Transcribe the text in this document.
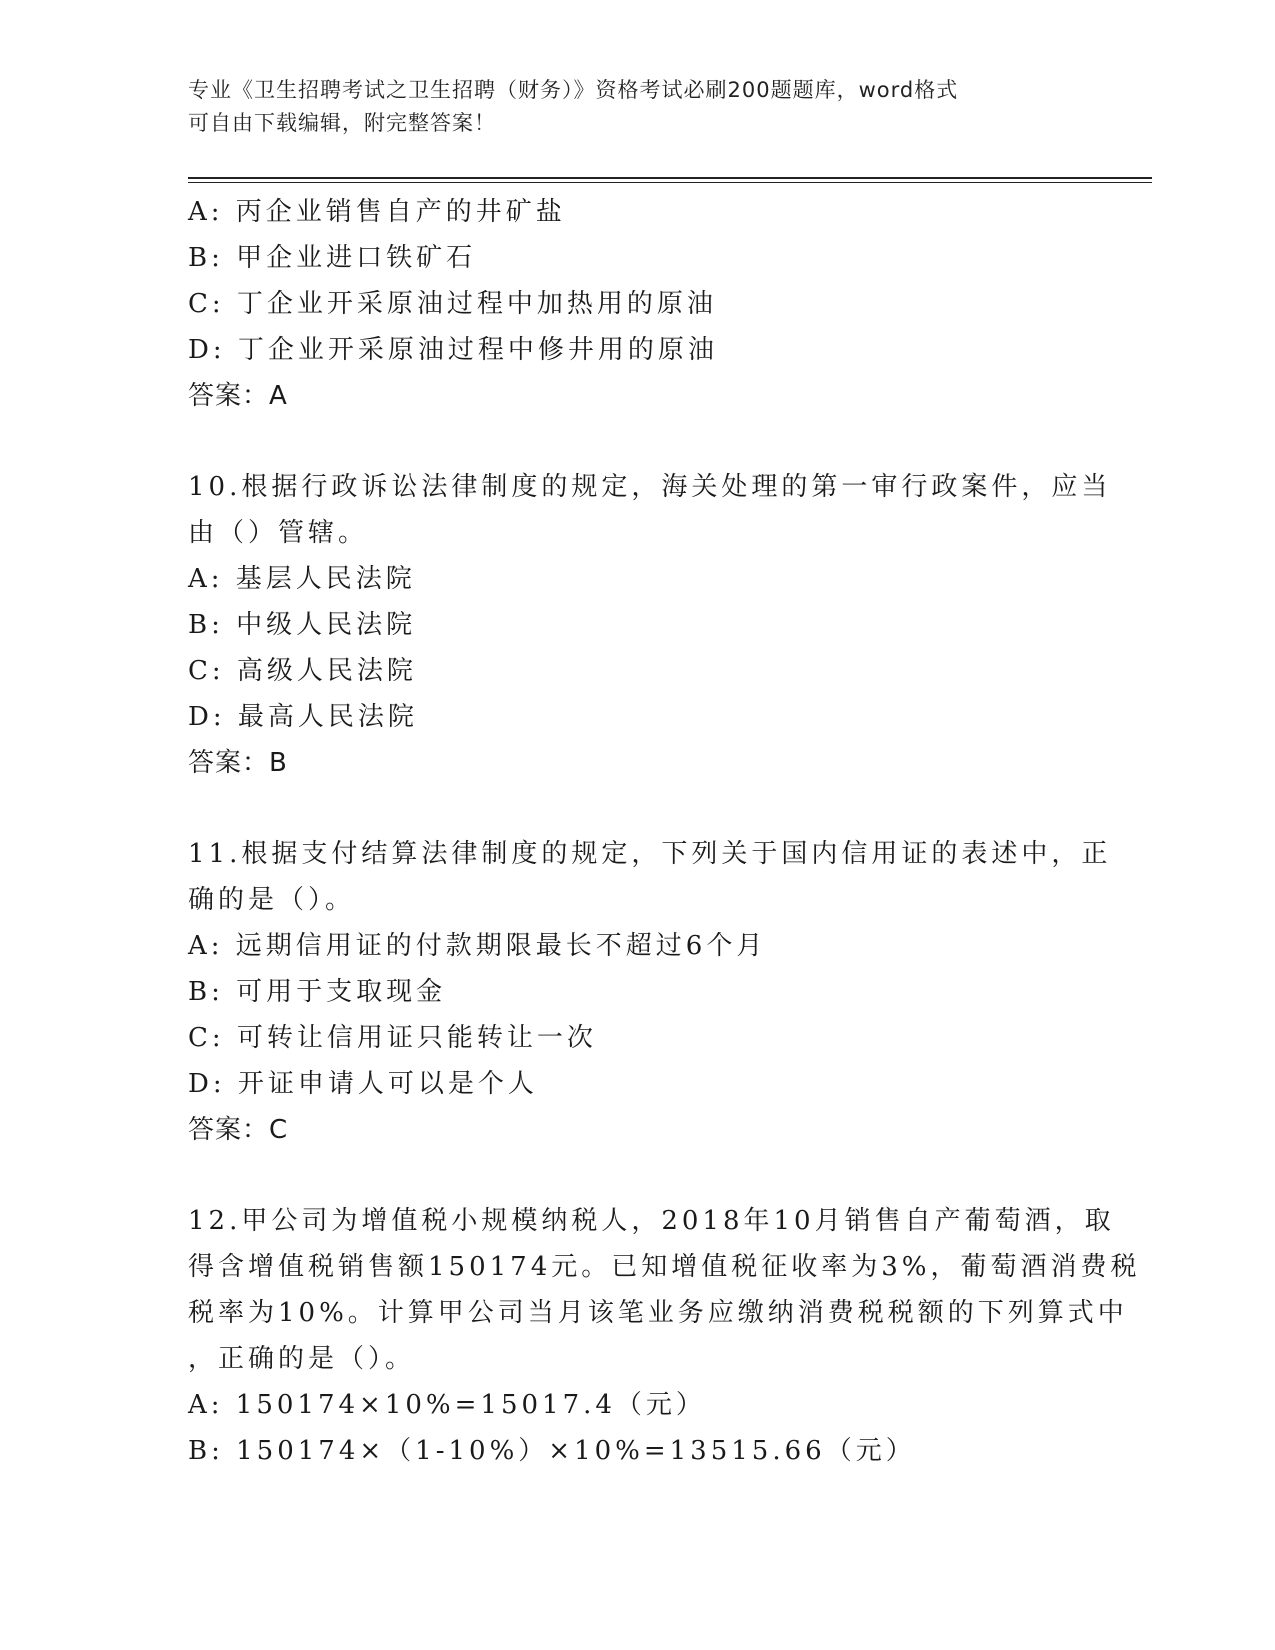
专业《卫生招聘考试之卫生招聘（财务）》资格考试必刷200题题库，word格式
可自由下载编辑，附完整答案！
A: 丙企业销售自产的井矿盐
B: 甲企业进口铁矿石
C: 丁企业开采原油过程中加热用的原油
D: 丁企业开采原油过程中修井用的原油
答案：A
10.根据行政诉讼法律制度的规定，海关处理的第一审行政案件，应当
由（）管辖。
A: 基层人民法院
B: 中级人民法院
C: 高级人民法院
D: 最高人民法院
答案：B
11.根据支付结算法律制度的规定，下列关于国内信用证的表述中，正
确的是（）。
A: 远期信用证的付款期限最长不超过6个月
B: 可用于支取现金
C: 可转让信用证只能转让一次
D: 开证申请人可以是个人
答案：C
12.甲公司为增值税小规模纳税人，2018年10月销售自产葡萄酒，取
得含增值税销售额150174元。已知增值税征收率为3%，葡萄酒消费税
税率为10%。计算甲公司当月该笔业务应缴纳消费税税额的下列算式中
，正确的是（）。
A: 150174×10%=15017.4（元）
B: 150174×（1-10%）×10%=13515.66（元）
